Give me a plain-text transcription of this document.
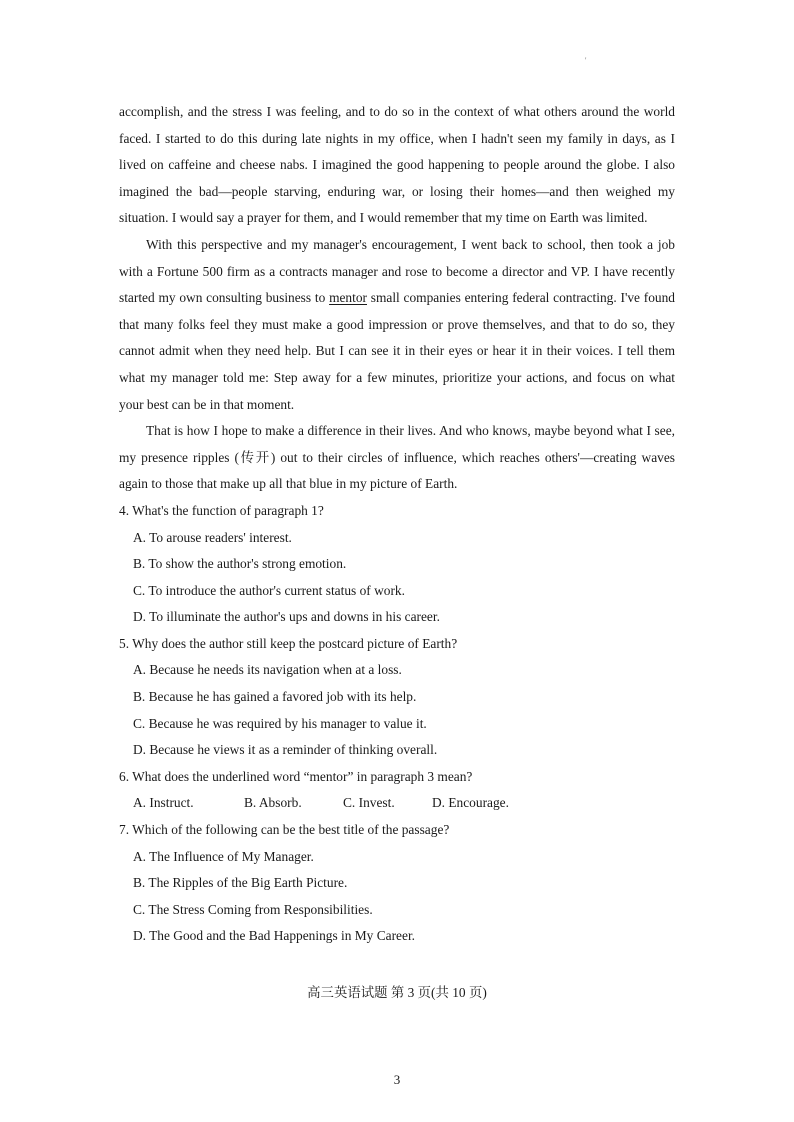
'

accomplish, and the stress I was feeling, and to do so in the context of what others around the world faced. I started to do this during late nights in my office, when I hadn't seen my family in days, as I lived on caffeine and cheese nabs. I imagined the good happening to people around the globe. I also imagined the bad—people starving, enduring war, or losing their homes—and then weighed my situation. I would say a prayer for them, and I would remember that my time on Earth was limited.

With this perspective and my manager's encouragement, I went back to school, then took a job with a Fortune 500 firm as a contracts manager and rose to become a director and VP. I have recently started my own consulting business to mentor small companies entering federal contracting. I've found that many folks feel they must make a good impression or prove themselves, and that to do so, they cannot admit when they need help. But I can see it in their eyes or hear it in their voices. I tell them what my manager told me: Step away for a few minutes, prioritize your actions, and focus on what your best can be in that moment.

That is how I hope to make a difference in their lives. And who knows, maybe beyond what I see, my presence ripples (传开) out to their circles of influence, which reaches others'—creating waves again to those that make up all that blue in my picture of Earth.

4. What's the function of paragraph 1?

A. To arouse readers' interest.
B. To show the author's strong emotion.
C. To introduce the author's current status of work.
D. To illuminate the author's ups and downs in his career.

5. Why does the author still keep the postcard picture of Earth?

A. Because he needs its navigation when at a loss.
B. Because he has gained a favored job with its help.
C. Because he was required by his manager to value it.
D. Because he views it as a reminder of thinking overall.

6. What does the underlined word “mentor” in paragraph 3 mean?

A. Instruct.	B. Absorb.	C. Invest.	D. Encourage.

7. Which of the following can be the best title of the passage?

A. The Influence of My Manager.
B. The Ripples of the Big Earth Picture.
C. The Stress Coming from Responsibilities.
D. The Good and the Bad Happenings in My Career.
高三英语试题 第 3 页(共 10 页)
3
